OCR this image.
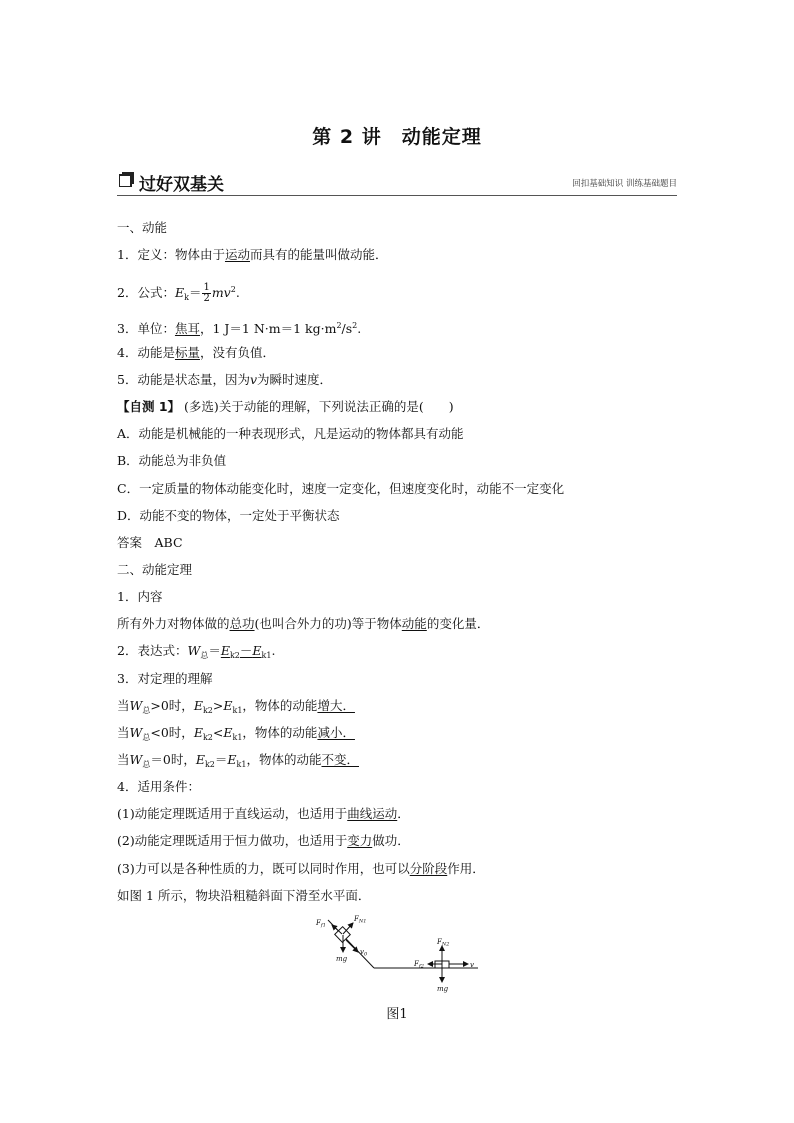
第 2 讲　动能定理
过好双基关	回扣基础知识 训练基础题目
一、动能
1．定义：物体由于运动而具有的能量叫做动能．
2．公式：$E_k= \frac{1}{2} mv^2$.
3．单位：焦耳，1 J＝1 N·m＝1 $kg\cdot m^2/s^2$.
4．动能是标量，没有负值．
5．动能是状态量，因为v为瞬时速度．
【自测 1】 (多选)关于动能的理解，下列说法正确的是(　　)
A．动能是机械能的一种表现形式，凡是运动的物体都具有动能
B．动能总为非负值
C．一定质量的物体动能变化时，速度一定变化，但速度变化时，动能不一定变化
D．动能不变的物体，一定处于平衡状态
答案　ABC
二、动能定理
1．内容
所有外力对物体做的总功(也叫合外力的功)等于物体动能的变化量．
2．表达式：$W_总=E_{k2}-E_{k1}$.
3．对定理的理解
当$W_总>0$时，$E_{k2}>E_{k1}$，物体的动能增大．
当$W_总<0$时，$E_{k2}<E_{k1}$，物体的动能减小．
当$W_总=0$时，$E_{k2}=E_{k1}$，物体的动能不变．
4．适用条件：
(1)动能定理既适用于直线运动，也适用于曲线运动．
(2)动能定理既适用于恒力做功，也适用于变力做功．
(3)力可以是各种性质的力，既可以同时作用，也可以分阶段作用．
如图 1 所示，物块沿粗糙斜面下滑至水平面．
$F_{f1}$
$F_{N1}$
$v_0$
mg
$F_{N2}$
$F_{f2}$	v
mg
图1
